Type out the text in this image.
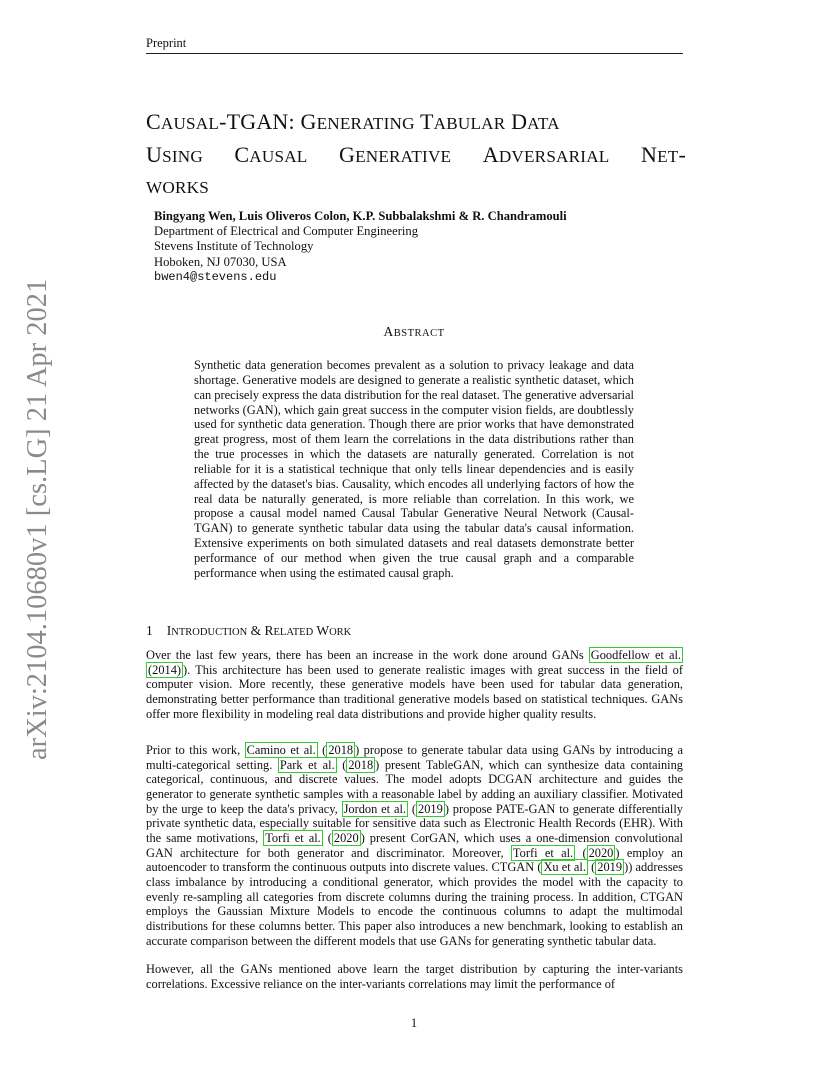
Preprint
arXiv:2104.10680v1 [cs.LG] 21 Apr 2021
CAUSAL-TGAN: GENERATING TABULAR DATA
USING CAUSAL GENERATIVE ADVERSARIAL NET-
WORKS
Bingyang Wen, Luis Oliveros Colon, K.P. Subbalakshmi & R. Chandramouli
Department of Electrical and Computer Engineering
Stevens Institute of Technology
Hoboken, NJ 07030, USA
bwen4@stevens.edu
ABSTRACT
Synthetic data generation becomes prevalent as a solution to privacy leakage and data shortage. Generative models are designed to generate a realistic synthetic dataset, which can precisely express the data distribution for the real dataset. The generative adversarial networks (GAN), which gain great success in the computer vision fields, are doubtlessly used for synthetic data generation. Though there are prior works that have demonstrated great progress, most of them learn the correlations in the data distributions rather than the true processes in which the datasets are naturally generated. Correlation is not reliable for it is a statistical technique that only tells linear dependencies and is easily affected by the dataset's bias. Causality, which encodes all underlying factors of how the real data be naturally generated, is more reliable than correlation. In this work, we propose a causal model named Causal Tabular Generative Neural Network (Causal-TGAN) to generate synthetic tabular data using the tabular data's causal information. Extensive experiments on both simulated datasets and real datasets demonstrate better performance of our method when given the true causal graph and a comparable performance when using the estimated causal graph.
1 INTRODUCTION & RELATED WORK
Over the last few years, there has been an increase in the work done around GANs Goodfellow et al. (2014) ). This architecture has been used to generate realistic images with great success in the field of computer vision. More recently, these generative models have been used for tabular data generation, demonstrating better performance than traditional generative models based on statistical techniques. GANs offer more flexibility in modeling real data distributions and provide higher quality results.
Prior to this work, Camino et al. ( 2018 ) propose to generate tabular data using GANs by introducing a multi-categorical setting. Park et al. ( 2018 ) present TableGAN, which can synthesize data containing categorical, continuous, and discrete values. The model adopts DCGAN architecture and guides the generator to generate synthetic samples with a reasonable label by adding an auxiliary classifier. Motivated by the urge to keep the data's privacy, Jordon et al. ( 2019 ) propose PATE-GAN to generate differentially private synthetic data, especially suitable for sensitive data such as Electronic Health Records (EHR). With the same motivations, Torfi et al. ( 2020 ) present CorGAN, which uses a one-dimension convolutional GAN architecture for both generator and discriminator. Moreover, Torfi et al. ( 2020 ) employ an autoencoder to transform the continuous outputs into discrete values. CTGAN ( Xu et al. ( 2019 )) addresses class imbalance by introducing a conditional generator, which provides the model with the capacity to evenly re-sampling all categories from discrete columns during the training process. In addition, CTGAN employs the Gaussian Mixture Models to encode the continuous columns to adapt the multimodal distributions for these columns better. This paper also introduces a new benchmark, looking to establish an accurate comparison between the different models that use GANs for generating synthetic tabular data.
However, all the GANs mentioned above learn the target distribution by capturing the inter-variants correlations. Excessive reliance on the inter-variants correlations may limit the performance of
1
